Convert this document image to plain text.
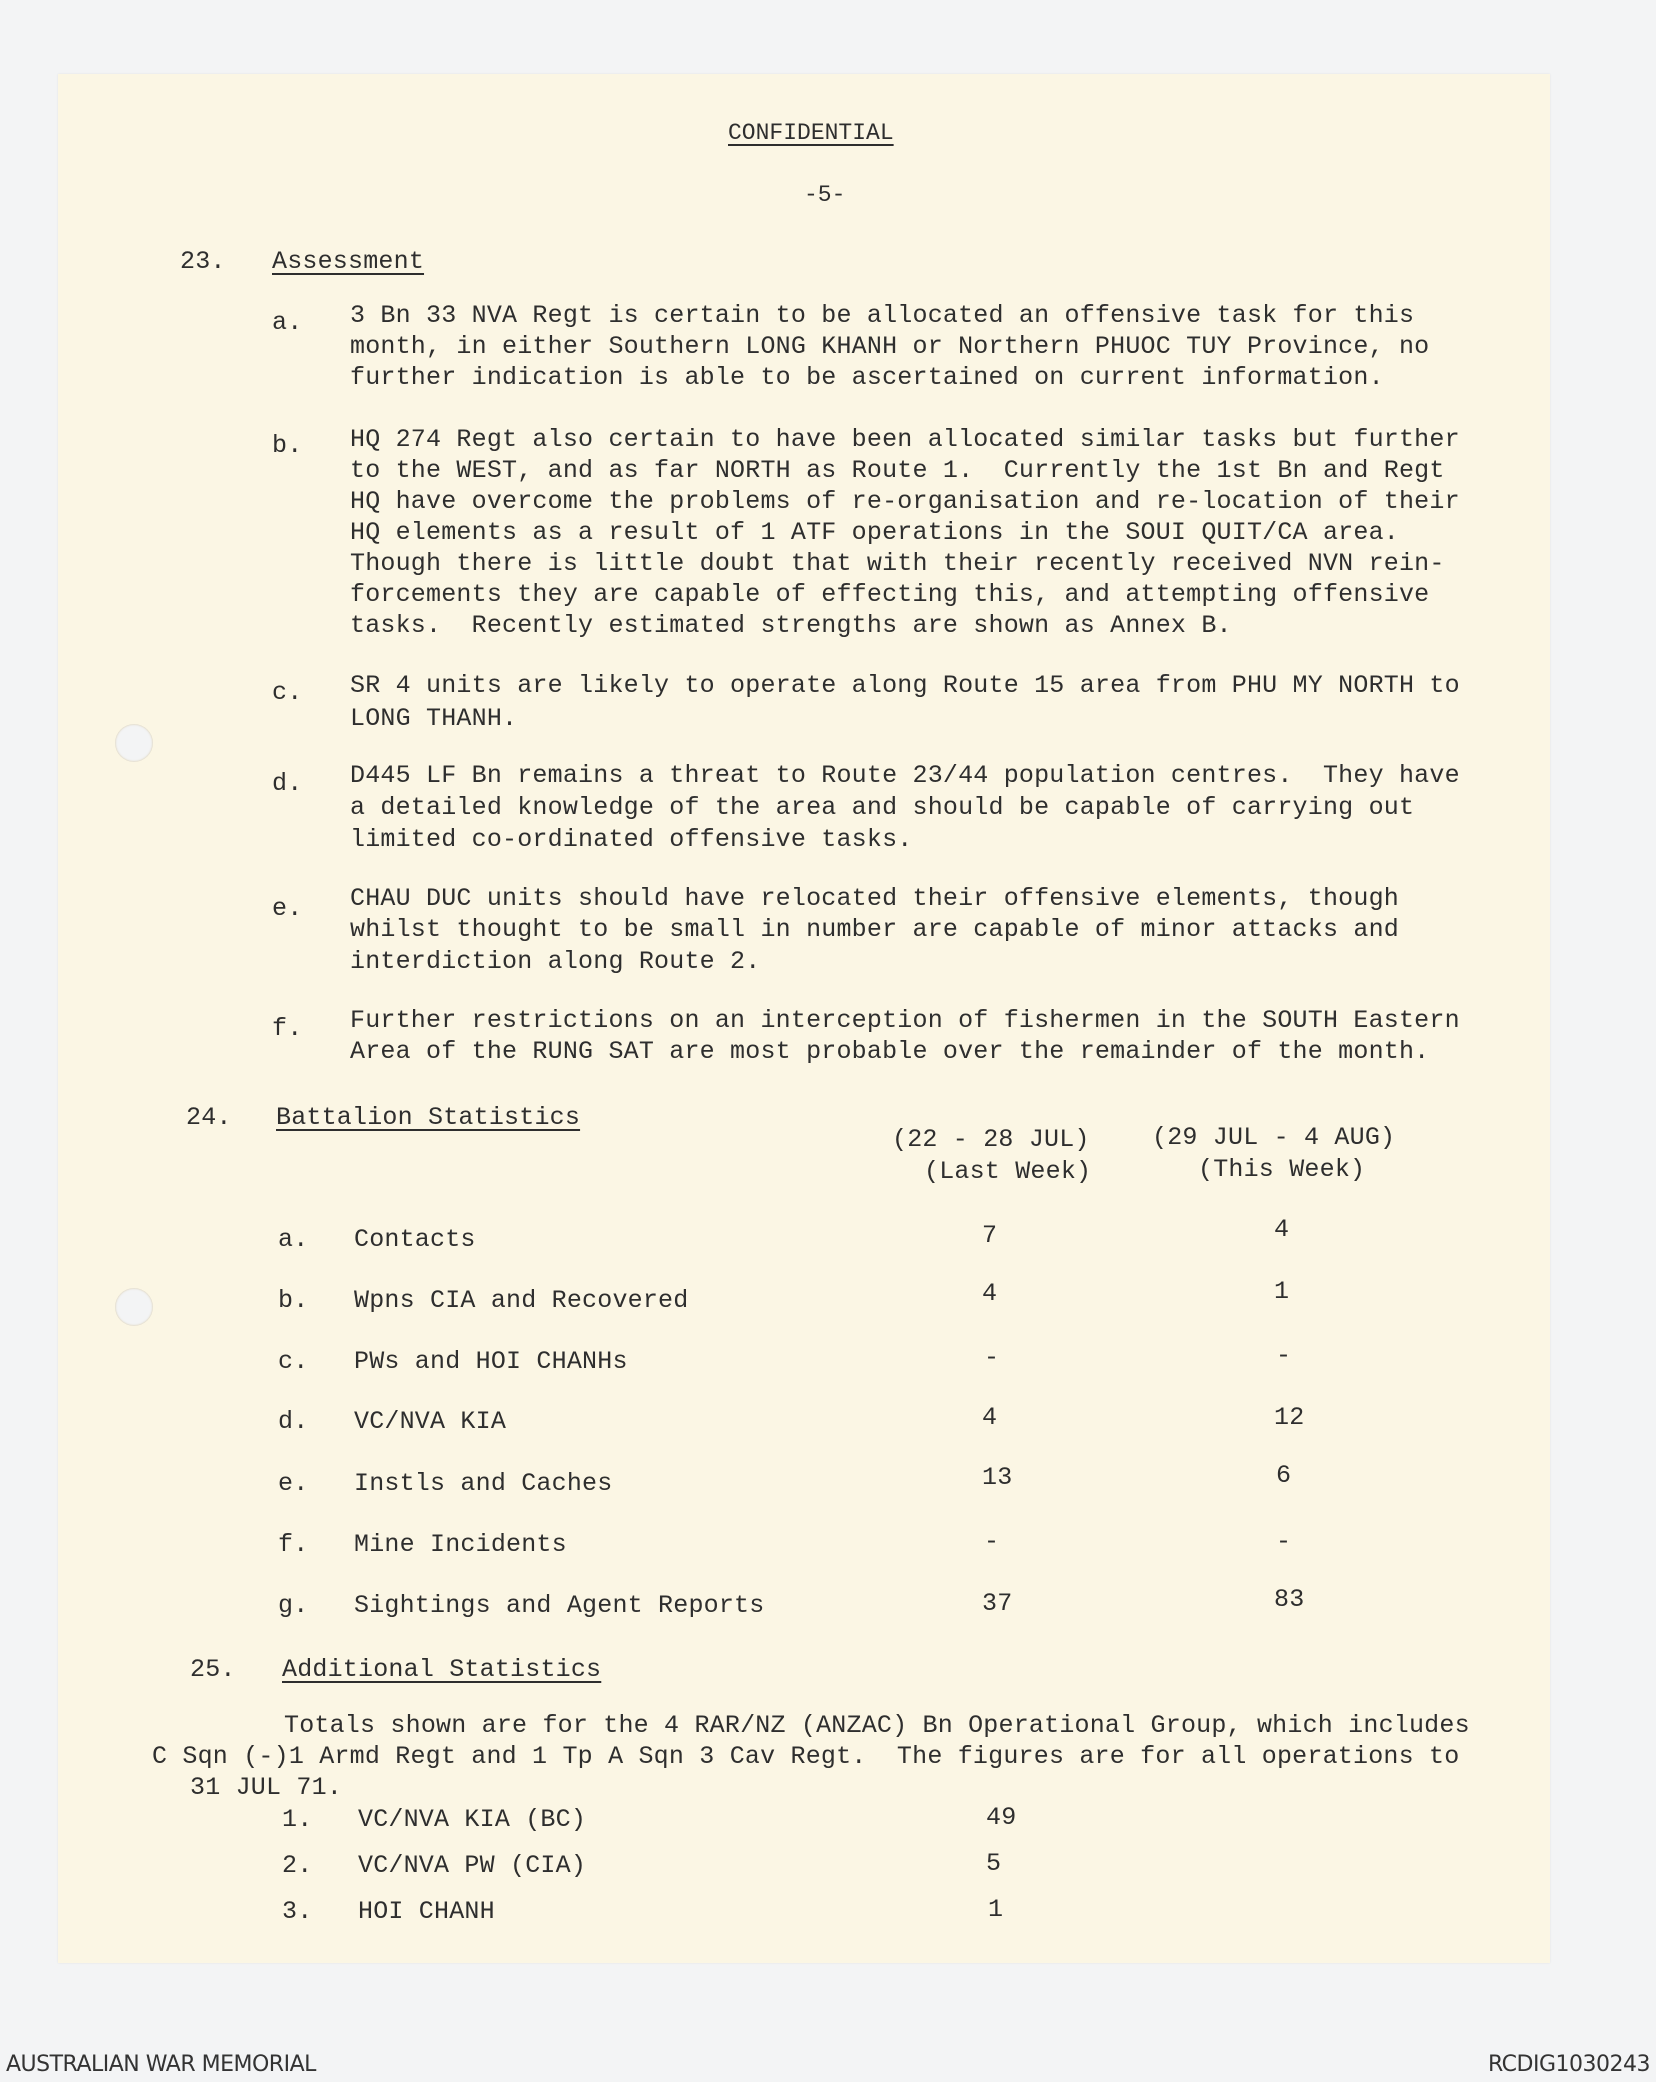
CONFIDENTIAL
-5-
23. Assessment
a. 3 Bn 33 NVA Regt is certain to be allocated an offensive task for this
month, in either Southern LONG KHANH or Northern PHUOC TUY Province, no
further indication is able to be ascertained on current information.
b. HQ 274 Regt also certain to have been allocated similar tasks but further
to the WEST, and as far NORTH as Route 1.  Currently the 1st Bn and Regt
HQ have overcome the problems of re-organisation and re-location of their
HQ elements as a result of 1 ATF operations in the SOUI QUIT/CA area.
Though there is little doubt that with their recently received NVN rein-
forcements they are capable of effecting this, and attempting offensive
tasks.  Recently estimated strengths are shown as Annex B.
c. SR 4 units are likely to operate along Route 15 area from PHU MY NORTH to
LONG THANH.
d. D445 LF Bn remains a threat to Route 23/44 population centres.  They have
a detailed knowledge of the area and should be capable of carrying out
limited co-ordinated offensive tasks.
e. CHAU DUC units should have relocated their offensive elements, though
whilst thought to be small in number are capable of minor attacks and
interdiction along Route 2.
f. Further restrictions on an interception of fishermen in the SOUTH Eastern
Area of the RUNG SAT are most probable over the remainder of the month.
24. Battalion Statistics
(22 - 28 JUL)
(Last Week)
(29 JUL - 4 AUG)
(This Week)
a. Contacts	7	4
b. Wpns CIA and Recovered	4	1
c. PWs and HOI CHANHs	-	-
d. VC/NVA KIA	4	12
e. Instls and Caches	13	6
f. Mine Incidents	-	-
g. Sightings and Agent Reports	37	83
25. Additional Statistics
Totals shown are for the 4 RAR/NZ (ANZAC) Bn Operational Group, which includes
C Sqn (-)1 Armd Regt and 1 Tp A Sqn 3 Cav Regt.  The figures are for all operations to
31 JUL 71.
1. VC/NVA KIA (BC)	49
2. VC/NVA PW (CIA)	5
3. HOI CHANH	1
AUSTRALIAN WAR MEMORIAL	RCDIG1030243
